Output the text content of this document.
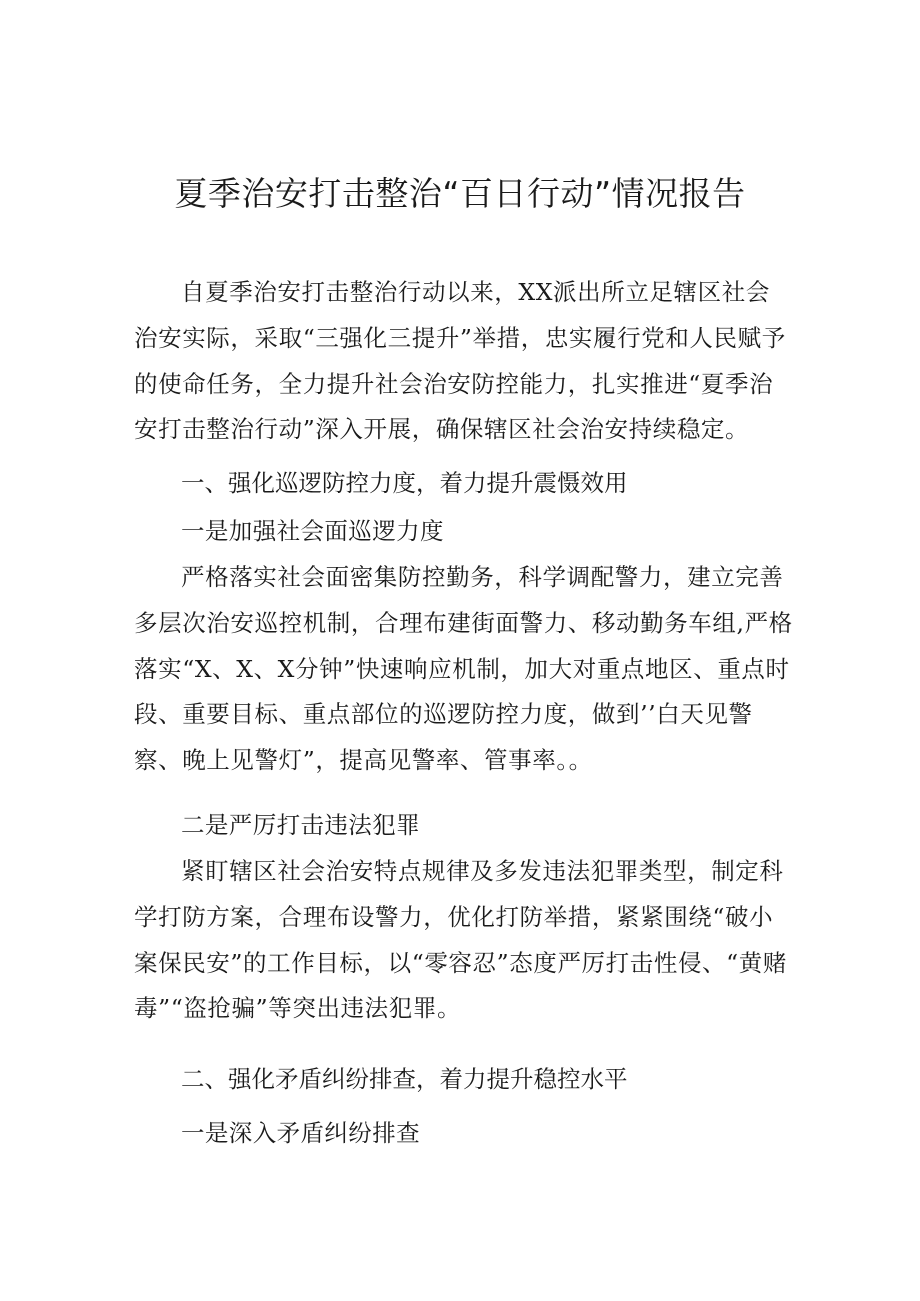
夏季治安打击整治“百日行动”情况报告

自夏季治安打击整治行动以来，XX派出所立足辖区社会治安实际，采取“三强化三提升”举措，忠实履行党和人民赋予的使命任务，全力提升社会治安防控能力，扎实推进“夏季治安打击整治行动”深入开展，确保辖区社会治安持续稳定。

一、强化巡逻防控力度，着力提升震慑效用

一是加强社会面巡逻力度

严格落实社会面密集防控勤务，科学调配警力，建立完善多层次治安巡控机制，合理布建街面警力、移动勤务车组,严格落实“X、X、X分钟”快速响应机制，加大对重点地区、重点时段、重要目标、重点部位的巡逻防控力度，做到’’白天见警察、晚上见警灯”，提高见警率、管事率。。

二是严厉打击违法犯罪

紧盯辖区社会治安特点规律及多发违法犯罪类型，制定科学打防方案，合理布设警力，优化打防举措，紧紧围绕“破小案保民安”的工作目标，以“零容忍”态度严厉打击性侵、“黄赌毒”“盗抢骗”等突出违法犯罪。

二、强化矛盾纠纷排查，着力提升稳控水平

一是深入矛盾纠纷排查
